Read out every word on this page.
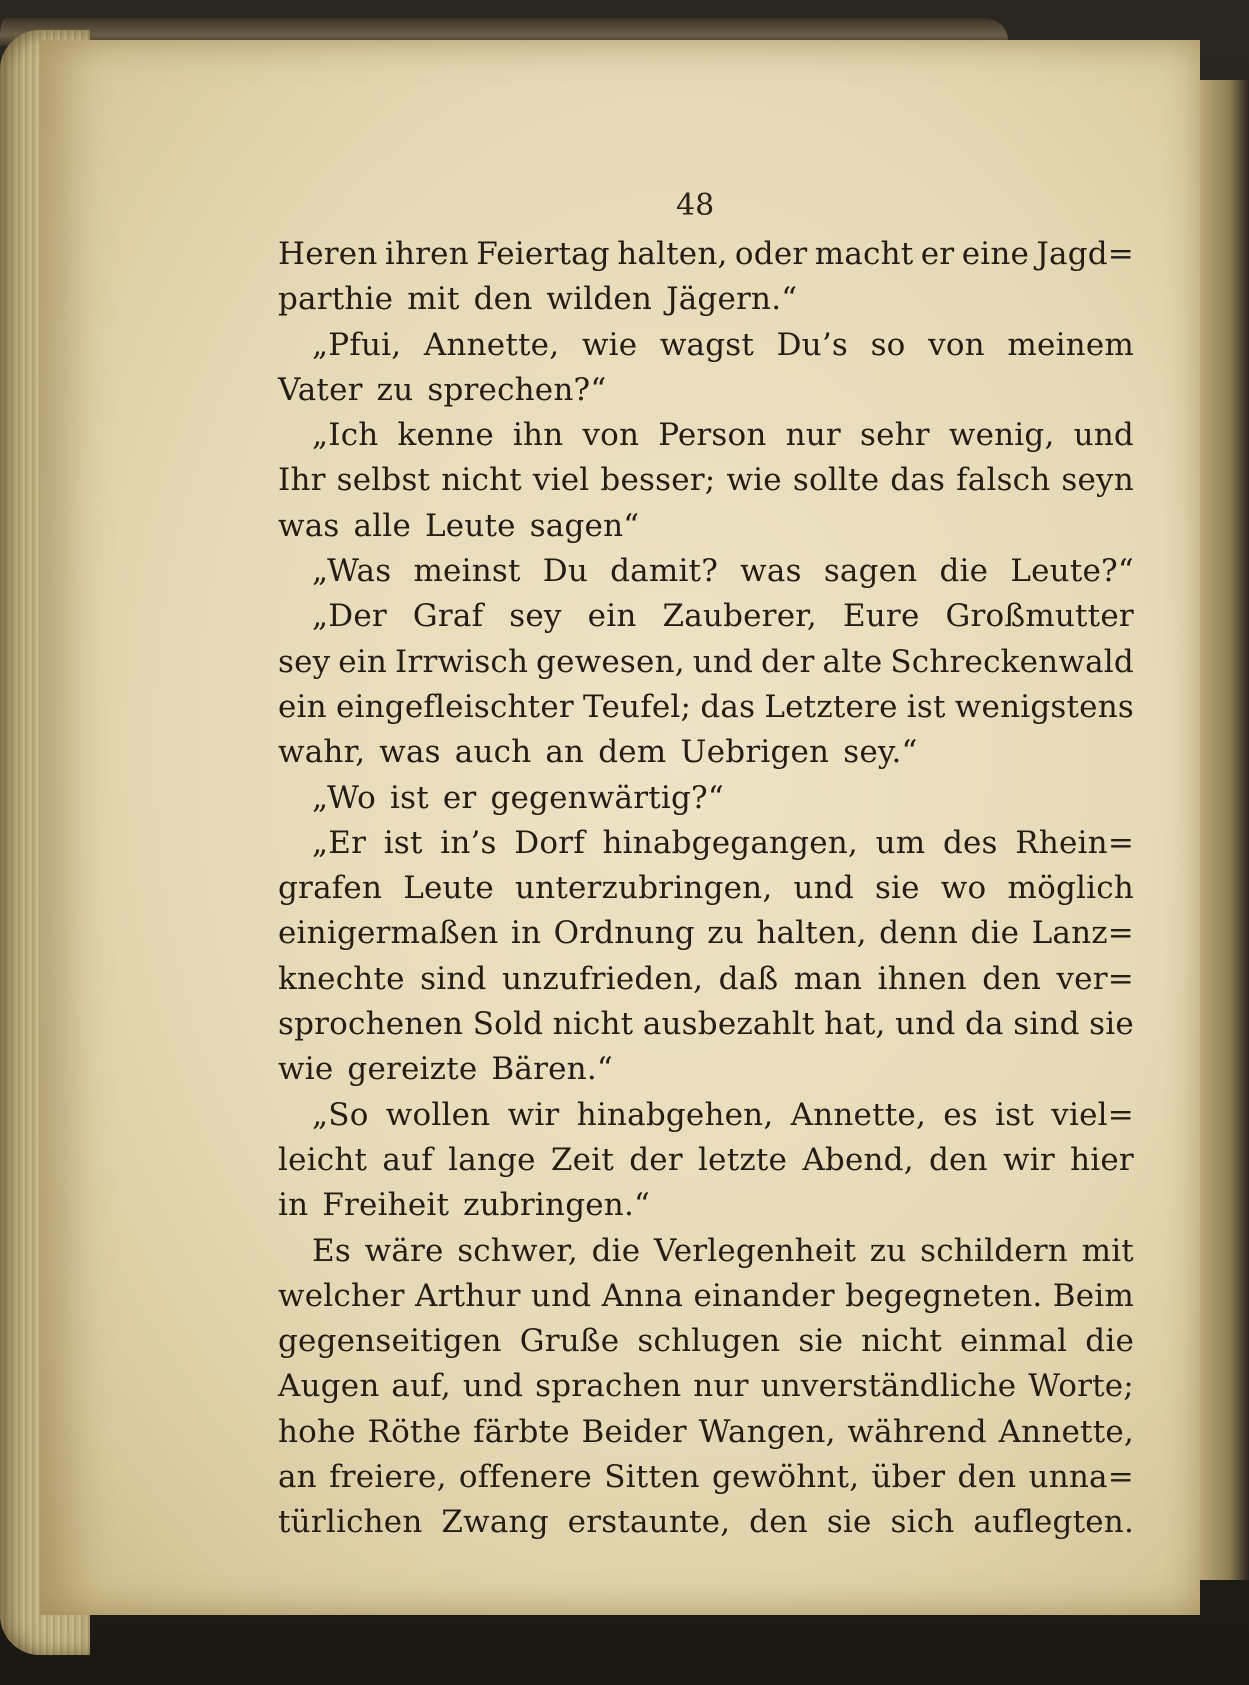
48
Heren ihren Feiertag halten, oder macht er eine Jagd=
parthie mit den wilden Jägern.“
„Pfui, Annette, wie wagst Du’s so von meinem
Vater zu sprechen?“
„Ich kenne ihn von Person nur sehr wenig, und
Ihr selbst nicht viel besser; wie sollte das falsch seyn
was alle Leute sagen“
„Was meinst Du damit? was sagen die Leute?“
„Der Graf sey ein Zauberer, Eure Großmutter
sey ein Irrwisch gewesen, und der alte Schreckenwald
ein eingefleischter Teufel; das Letztere ist wenigstens
wahr, was auch an dem Uebrigen sey.“
„Wo ist er gegenwärtig?“
„Er ist in’s Dorf hinabgegangen, um des Rhein=
grafen Leute unterzubringen, und sie wo möglich
einigermaßen in Ordnung zu halten, denn die Lanz=
knechte sind unzufrieden, daß man ihnen den ver=
sprochenen Sold nicht ausbezahlt hat, und da sind sie
wie gereizte Bären.“
„So wollen wir hinabgehen, Annette, es ist viel=
leicht auf lange Zeit der letzte Abend, den wir hier
in Freiheit zubringen.“
Es wäre schwer, die Verlegenheit zu schildern mit
welcher Arthur und Anna einander begegneten. Beim
gegenseitigen Gruße schlugen sie nicht einmal die
Augen auf, und sprachen nur unverständliche Worte;
hohe Röthe färbte Beider Wangen, während Annette,
an freiere, offenere Sitten gewöhnt, über den unna=
türlichen Zwang erstaunte, den sie sich auflegten.
